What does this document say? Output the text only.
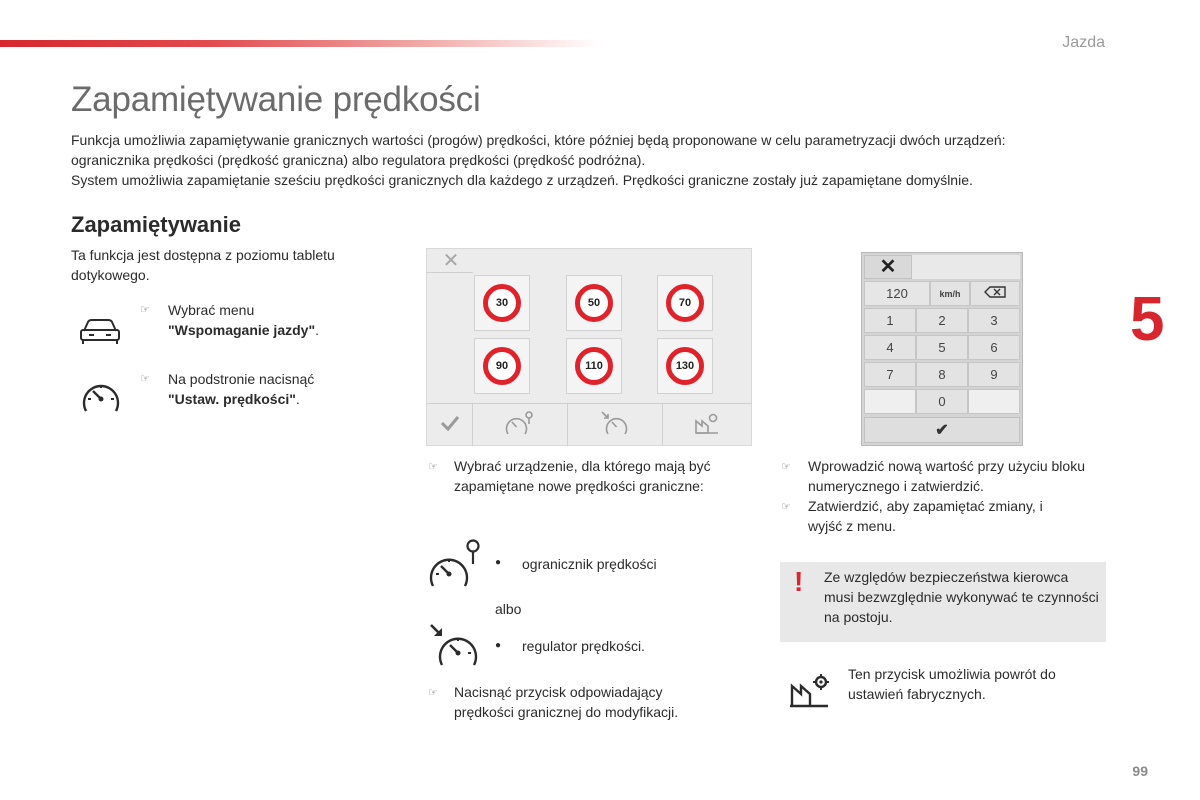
Jazda
Zapamiętywanie prędkości

Funkcja umożliwia zapamiętywanie granicznych wartości (progów) prędkości, które później będą proponowane w celu parametryzacji dwóch urządzeń:

ogranicznika prędkości (prędkość graniczna) albo regulatora prędkości (prędkość podróżna).

System umożliwia zapamiętanie sześciu prędkości granicznych dla każdego z urządzeń. Prędkości graniczne zostały już zapamiętane domyślnie.

5
Zapamiętywanie
Ta funkcja jest dostępna z poziomu tabletu dotykowego.
☞ Wybrać menu
"Wspomaganie jazdy".
☞ Na podstronie nacisnąć
"Ustaw. prędkości".
✕
30	50	70
90	110	130
✕
120	km/h
1	2	3
4	5	6
7	8	9
0
✔
☞ Wybrać urządzenie, dla którego mają być zapamiętane nowe prędkości graniczne:
● ogranicznik prędkości
albo
● regulator prędkości.
☞ Nacisnąć przycisk odpowiadający prędkości granicznej do modyfikacji.
☞ Wprowadzić nową wartość przy użyciu bloku numerycznego i zatwierdzić.
☞ Zatwierdzić, aby zapamiętać zmiany, i wyjść z menu.
! Ze względów bezpieczeństwa kierowca musi bezwzględnie wykonywać te czynności na postoju.
Ten przycisk umożliwia powrót do ustawień fabrycznych.
99
